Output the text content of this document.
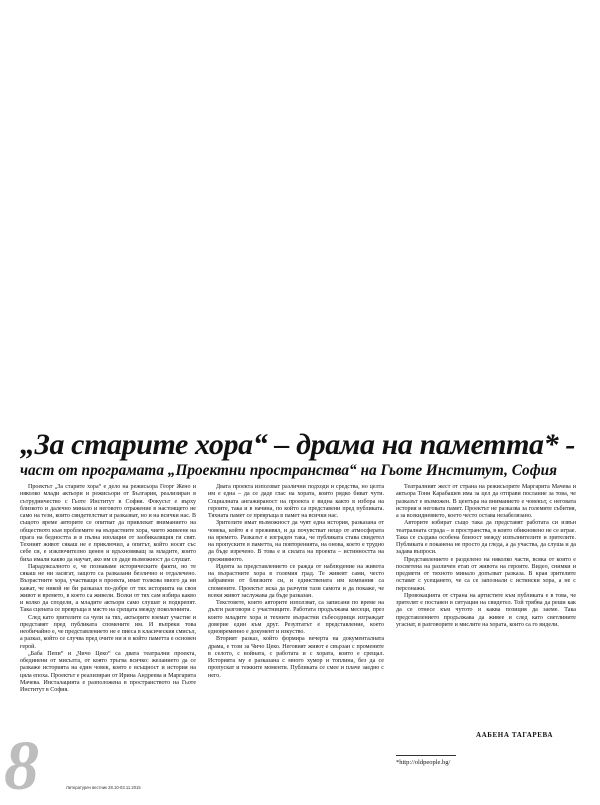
„За старите хора“ – драма на паметта* -
част от програмата „Проектни пространства“ на Гьоте Институт, София

Проектът „За старите хора“ е дело на режисьора Георг Жено и няколко млади актьори и режисьори от България, реализиран в сътрудничество с Гьоте Институт в София. Фокусът е върху близкото и далечно минало и неговото отражение в настоящето не само на тези, които свидетелстват и разказват, но и на всички нас. В същото време авторите се опитват да привлекат вниманието на обществото към проблемите на възрастните хора, чието живеене на прага на бедността и в пълна изолация от заобикалящия ги свят. Техният живот сякаш не е приключил, а опитът, който носят със себе си, е изключително ценен и вдъхновяващ за младите, които биха имали какво да научат, ако им се даде възможност да слушат.

Парадоксалното е, че познаваме историческите факти, но те сякаш не ни засягат, защото са разказани безлично и отдалечено. Възрастните хора, участващи в проекта, имат толкова много да ни кажат, че никой не би разказал по-добре от тях историята на своя живот и времето, в което са живели. Всеки от тях сам избира какво и колко да сподели, а младите актьори само слушат и подкрепят. Така сцената се превръща в място на срещата между поколенията.

След като зрителите са чули за тях, актьорите вземат участие и представят пред публиката спомените им. И въпреки това необичайно е, че представлението не е пиеса в класическия смисъл, а разказ, който се случва пред очите ни и в който паметта е основен герой.

„Баба Пепи“ и „Чичо Цеко“ са двата театрални проекта, обединени от мисълта, от която тръгва всичко: желанието да се разкаже историята на един човек, която е всъщност и история на цяла епоха. Проектът е реализиран от Ирина Андреева и Маргарита Мачева. Инсталацията е разположена в пространството на Гьоте Институт в София.

Двата проекта използват различни подходи и средства, но целта им е една – да се даде глас на хората, които рядко биват чути. Социалната ангажираност на проекта е видна както в избора на героите, така и в начина, по който са представени пред публиката. Тяхната памет се превръща в памет на всички нас.

Зрителите имат възможност да чуят една история, разказана от човека, който я е преживял, и да почувстват нещо от атмосферата на времето. Разказът е изграден така, че публиката става свидетел на пропуските в паметта, на повторенията, на онова, което е трудно да бъде изречено. В това е и силата на проекта – истинността на преживяното.

Идеята за представлението се ражда от наблюдение на живота на възрастните хора в големия град. Те живеят сами, често забравени от близките си, и единствената им компания са спомените. Проектът иска да разчупи тази самота и да покаже, че всеки живот заслужава да бъде разказан.

Текстовете, които авторите използват, са записани по време на дълги разговори с участниците. Работата продължава месеци, през които младите хора и техните възрастни събеседници изграждат доверие един към друг. Резултатът е представление, което едновременно е документ и изкуство.

Вторият разказ, който формира вечерта на документалната драма, е този за Чичо Цеко. Неговият живот е свързан с промените в селото, с войната, с работата и с хората, които е срещал. Историята му е разказана с много хумор и топлина, без да се пропускат и тежките моменти. Публиката се смее и плаче заедно с него.

Театралният жест от страна на режисьорите Маргарита Мачева и актьора Тони Карабашев има за цел да отправи послание за това, че разказът е възможен. В центъра на вниманието е човекът, с неговата история и неговата памет. Проектът не разказва за големите събития, а за всекидневието, което често остава незабелязано.

Авторите избират също така да представят работата си извън театралната сграда – в пространства, в които обикновено не се играе. Така се създава особена близост между изпълнителите и зрителите. Публиката е поканена не просто да гледа, а да участва, да слуша и да задава въпроси.

Представлението е разделено на няколко части, всяка от които е посветена на различен етап от живота на героите. Видео, снимки и предмети от тяхното минало допълват разказа. В края зрителите остават с усещането, че са се запознали с истински хора, а не с персонажи.

Провокацията от страна на артистите към публиката е в това, че зрителят е поставен в ситуация на свидетел. Той трябва да реши как да се отнесе към чутото и каква позиция да заеме. Така представлението продължава да живее и след като светлините угаснат, в разговорите и мислите на хората, които са го видели.

8	Литературен вестник 28.10-03.11.2015
ААБЕНА ТАГАРЕВА
*http://oldpeople.bg/
